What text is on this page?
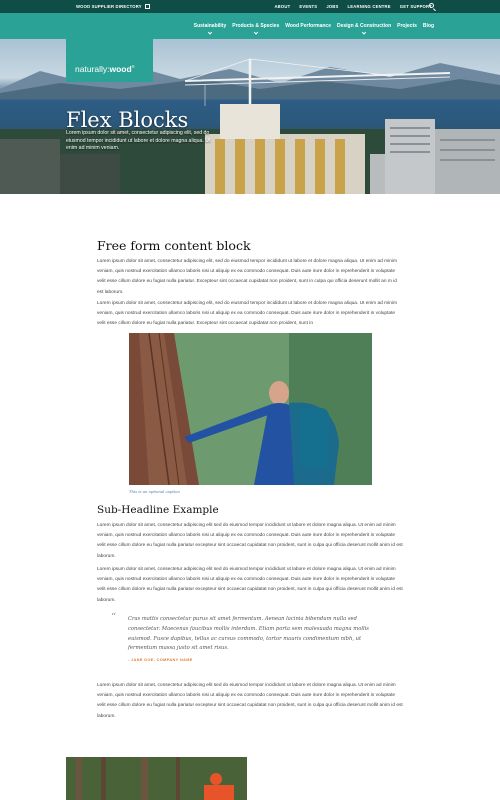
WOOD SUPPLIER DIRECTORY	ABOUT EVENTS JOBS LEARNING CENTRE GET SUPPORT
Sustainability Products & Species Wood Performance Design & Construction Projects Blog
naturally:wood®
Flex Blocks

Lorem ipsum dolor sit amet, consectetur adipiscing elit, sed do eiusmod tempor incididunt ut labore et dolore magna aliqua. Ut enim ad minim veniam.

Free form content block

Lorem ipsum dolor sit amet, consectetur adipiscing elit, sed do eiusmod tempor incididunt ut labore et dolore magna aliqua. Ut enim ad minim veniam, quis nostrud exercitation ullamco laboris nisi ut aliquip ex ea commodo consequat. Duis aute irure dolor in reprehenderit in voluptate velit esse cillum dolore eu fugiat nulla pariatur. Excepteur sint occaecat cupidatat non proident, sunt in culpa qui officia deserunt mollit an m id est laborum.

Lorem ipsum dolor sit amet, consectetur adipiscing elit, sed do eiusmod tempor incididunt ut labore et dolore magna aliqua. Ut enim ad minim veniam, quis nostrud exercitation ullamco laboris nisi ut aliquip ex ea commodo consequat. Duis aute irure dolor in reprehenderit in voluptate velit esse cillum dolore eu fugiat nulla pariatur. Excepteur sint occaecat cupidatat non proident, sunt in

This is an optional caption
Sub-Headline Example

Lorem ipsum dolor sit amet, consectetur adipiscing elit sed do eiusmod tempor incididunt ut labore et dolore magna aliqua. Ut enim ad minim veniam, quis nostrud exercitation ullamco laboris nisi ut aliquip ex ea commodo consequat. Duis aute irure dolor in reprehenderit in voluptate velit esse cillum dolore eu fugiat nulla pariatur excepteur sint occaecat cupidatat non proident, sunt in culpa qui officia deserunt mollit anim id est laborum.

Lorem ipsum dolor sit amet, consectetur adipiscing elit sed do eiusmod tempor incididunt ut labore et dolore magna aliqua. Ut enim ad minim veniam, quis nostrud exercitation ullamco laboris nisi ut aliquip ex ea commodo consequat. Duis aute irure dolor in reprehenderit in voluptate velit esse cillum dolore eu fugiat nulla pariatur excepteur sint occaecat cupidatat non proident, sunt in culpa qui officia deserunt mollit anim id est laborum.

“ Cras mattis consectetur purus sit amet fermentum. Aenean lacinia bibendum nulla sed consectetur. Maecenas faucibus mollis interdum. Etiam porta sem malesuada magna mollis euismod. Fusce dapibus, tellus ac cursus commodo, tortor mauris condimentum nibh, ut fermentum massa justo sit amet risus.

- JANE DOE, COMPANY NAME

Lorem ipsum dolor sit amet, consectetur adipiscing elit sed do eiusmod tempor incididunt ut labore et dolore magna aliqua. Ut enim ad minim veniam, quis nostrud exercitation ullamco laboris nisi ut aliquip ex ea commodo consequat. Duis aute irure dolor in reprehenderit in voluptate velit esse cillum dolore eu fugiat nulla pariatur excepteur sint occaecat cupidatat non proident, sunt in culpa qui officia deserunt mollit anim id est laborum.
